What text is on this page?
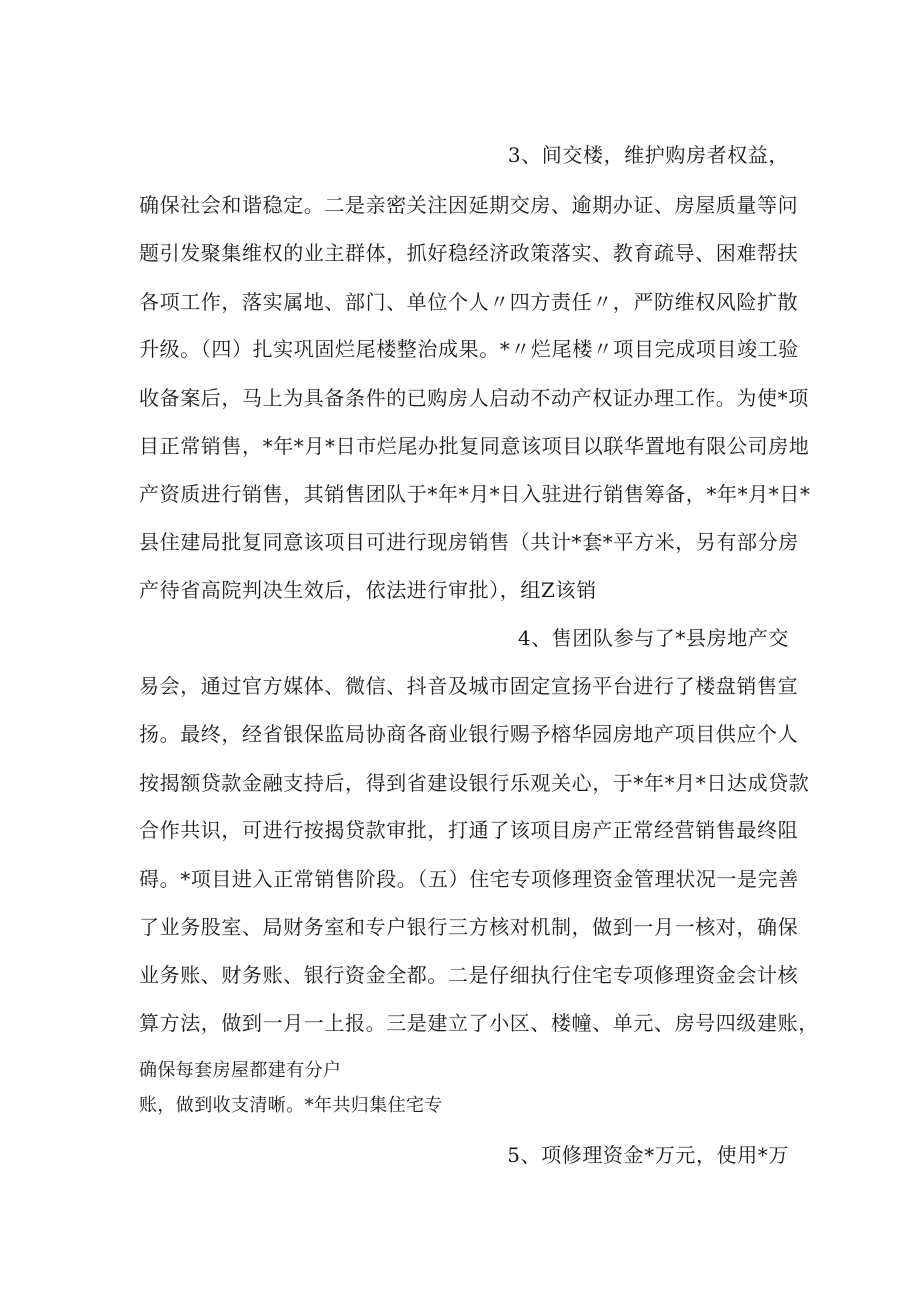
3、间交楼，维护购房者权益，
确保社会和谐稳定。二是亲密关注因延期交房、逾期办证、房屋质量等问
题引发聚集维权的业主群体，抓好稳经济政策落实、教育疏导、困难帮扶
各项工作，落实属地、部门、单位个人〃四方责任〃，严防维权风险扩散
升级。（四）扎实巩固烂尾楼整治成果。*〃烂尾楼〃项目完成项目竣工验
收备案后，马上为具备条件的已购房人启动不动产权证办理工作。为使*项
目正常销售，*年*月*日市烂尾办批复同意该项目以联华置地有限公司房地
产资质进行销售，其销售团队于*年*月*日入驻进行销售筹备，*年*月*日*
县住建局批复同意该项目可进行现房销售（共计*套*平方米，另有部分房
产待省高院判决生效后，依法进行审批），组Z该销
4、售团队参与了*县房地产交
易会，通过官方媒体、微信、抖音及城市固定宣扬平台进行了楼盘销售宣
扬。最终，经省银保监局协商各商业银行赐予榕华园房地产项目供应个人
按揭额贷款金融支持后，得到省建设银行乐观关心，于*年*月*日达成贷款
合作共识，可进行按揭贷款审批，打通了该项目房产正常经营销售最终阻
碍。*项目进入正常销售阶段。（五）住宅专项修理资金管理状况一是完善
了业务股室、局财务室和专户银行三方核对机制，做到一月一核对，确保
业务账、财务账、银行资金全都。二是仔细执行住宅专项修理资金会计核
算方法，做到一月一上报。三是建立了小区、楼幢、单元、房号四级建账，
确保每套房屋都建有分户
账，做到收支清晰。*年共归集住宅专
5、项修理资金*万元，使用*万
